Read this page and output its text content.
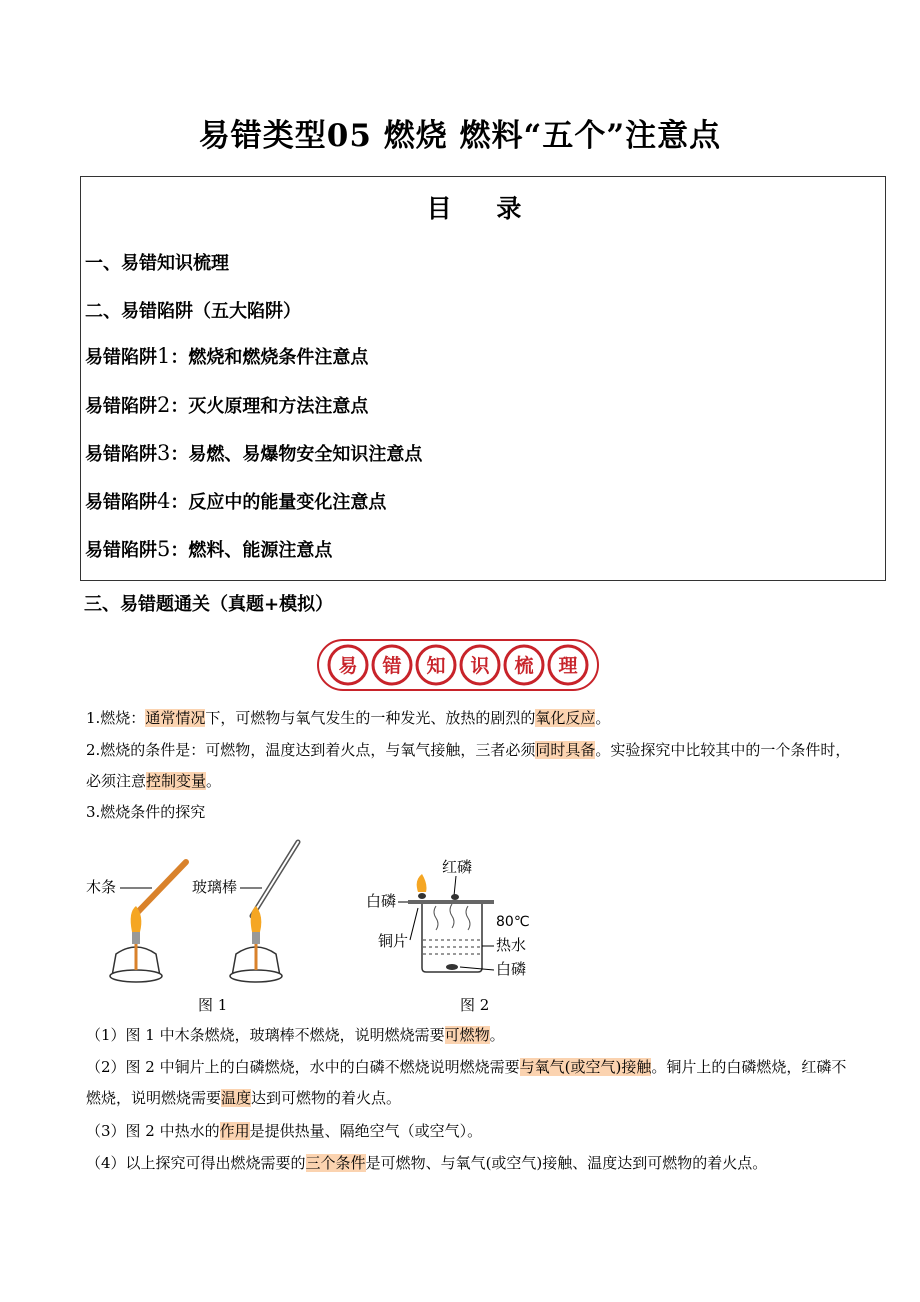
易错类型05 燃烧 燃料“五个”注意点
目 录
一、易错知识梳理
二、易错陷阱（五大陷阱）
易错陷阱1：燃烧和燃烧条件注意点
易错陷阱2：灭火原理和方法注意点
易错陷阱3：易燃、易爆物安全知识注意点
易错陷阱4：反应中的能量变化注意点
易错陷阱5：燃料、能源注意点
三、易错题通关（真题+模拟）
易 错 知 识 梳 理
1.燃烧：通常情况下，可燃物与氧气发生的一种发光、放热的剧烈的氧化反应。
2.燃烧的条件是：可燃物，温度达到着火点，与氧气接触，三者必须同时具备。实验探究中比较其中的一个条件时，必须注意控制变量。
3.燃烧条件的探究
木条	玻璃棒
红磷
白磷
铜片
80℃
热水
白磷
图 1	图 2
（1）图 1 中木条燃烧，玻璃棒不燃烧，说明燃烧需要可燃物。
（2）图 2 中铜片上的白磷燃烧，水中的白磷不燃烧说明燃烧需要与氧气(或空气)接触。铜片上的白磷燃烧，红磷不燃烧，说明燃烧需要温度达到可燃物的着火点。
（3）图 2 中热水的作用是提供热量、隔绝空气（或空气）。
（4）以上探究可得出燃烧需要的三个条件是可燃物、与氧气(或空气)接触、温度达到可燃物的着火点。
